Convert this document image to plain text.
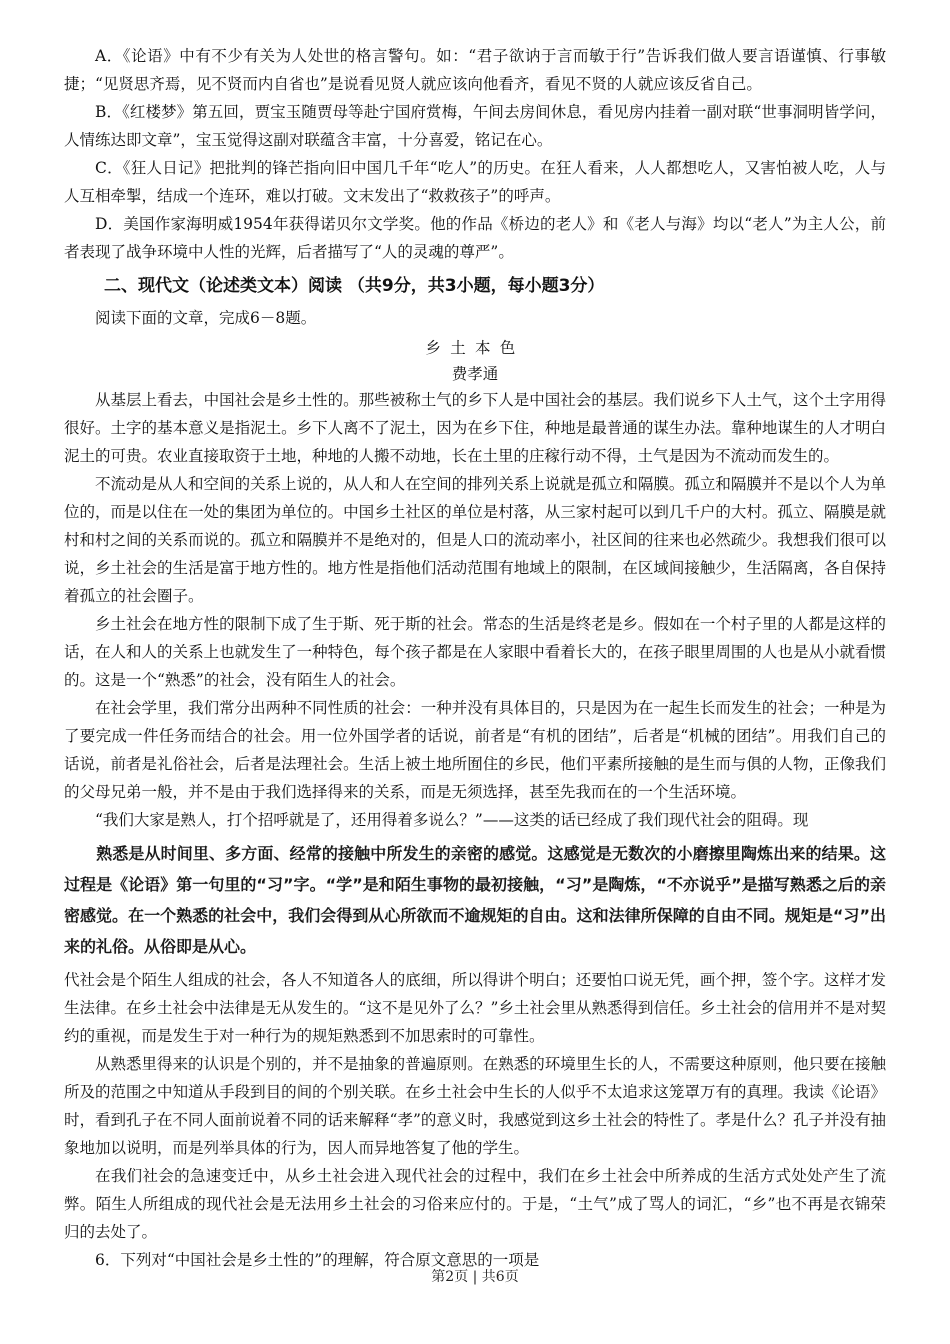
A．《论语》中有不少有关为人处世的格言警句。如：“君子欲讷于言而敏于行”告诉我们做人要言语谨慎、行事敏捷；“见贤思齐焉，见不贤而内自省也”是说看见贤人就应该向他看齐，看见不贤的人就应该反省自己。

B．《红楼梦》第五回，贾宝玉随贾母等赴宁国府赏梅，午间去房间休息，看见房内挂着一副对联“世事洞明皆学问，人情练达即文章”，宝玉觉得这副对联蕴含丰富，十分喜爱，铭记在心。

C．《狂人日记》把批判的锋芒指向旧中国几千年“吃人”的历史。在狂人看来，人人都想吃人，又害怕被人吃，人与人互相牵掣，结成一个连环，难以打破。文末发出了“救救孩子”的呼声。

D．美国作家海明威1954年获得诺贝尔文学奖。他的作品《桥边的老人》和《老人与海》均以“老人”为主人公，前者表现了战争环境中人性的光辉，后者描写了“人的灵魂的尊严”。

二、现代文（论述类文本）阅读 （共9分，共3小题，每小题3分）

阅读下面的文章，完成6－8题。

乡土本色
费孝通

从基层上看去，中国社会是乡土性的。那些被称土气的乡下人是中国社会的基层。我们说乡下人土气，这个土字用得很好。土字的基本意义是指泥土。乡下人离不了泥土，因为在乡下住，种地是最普通的谋生办法。靠种地谋生的人才明白泥土的可贵。农业直接取资于土地，种地的人搬不动地，长在土里的庄稼行动不得，土气是因为不流动而发生的。

不流动是从人和空间的关系上说的，从人和人在空间的排列关系上说就是孤立和隔膜。孤立和隔膜并不是以个人为单位的，而是以住在一处的集团为单位的。中国乡土社区的单位是村落，从三家村起可以到几千户的大村。孤立、隔膜是就村和村之间的关系而说的。孤立和隔膜并不是绝对的，但是人口的流动率小，社区间的往来也必然疏少。我想我们很可以说，乡土社会的生活是富于地方性的。地方性是指他们活动范围有地域上的限制，在区域间接触少，生活隔离，各自保持着孤立的社会圈子。

乡土社会在地方性的限制下成了生于斯、死于斯的社会。常态的生活是终老是乡。假如在一个村子里的人都是这样的话，在人和人的关系上也就发生了一种特色，每个孩子都是在人家眼中看着长大的，在孩子眼里周围的人也是从小就看惯的。这是一个“熟悉”的社会，没有陌生人的社会。

在社会学里，我们常分出两种不同性质的社会：一种并没有具体目的，只是因为在一起生长而发生的社会；一种是为了要完成一件任务而结合的社会。用一位外国学者的话说，前者是“有机的团结”，后者是“机械的团结”。用我们自己的话说，前者是礼俗社会，后者是法理社会。生活上被土地所囿住的乡民，他们平素所接触的是生而与俱的人物，正像我们的父母兄弟一般，并不是由于我们选择得来的关系，而是无须选择，甚至先我而在的一个生活环境。

“我们大家是熟人，打个招呼就是了，还用得着多说么？”——这类的话已经成了我们现代社会的阻碍。现

熟悉是从时间里、多方面、经常的接触中所发生的亲密的感觉。这感觉是无数次的小磨擦里陶炼出来的结果。这过程是《论语》第一句里的“习”字。“学”是和陌生事物的最初接触，“习”是陶炼，“不亦说乎”是描写熟悉之后的亲密感觉。在一个熟悉的社会中，我们会得到从心所欲而不逾规矩的自由。这和法律所保障的自由不同。规矩是“习”出来的礼俗。从俗即是从心。

代社会是个陌生人组成的社会，各人不知道各人的底细，所以得讲个明白；还要怕口说无凭，画个押，签个字。这样才发生法律。在乡土社会中法律是无从发生的。“这不是见外了么？”乡土社会里从熟悉得到信任。乡土社会的信用并不是对契约的重视，而是发生于对一种行为的规矩熟悉到不加思索时的可靠性。

从熟悉里得来的认识是个别的，并不是抽象的普遍原则。在熟悉的环境里生长的人，不需要这种原则，他只要在接触所及的范围之中知道从手段到目的间的个别关联。在乡土社会中生长的人似乎不太追求这笼罩万有的真理。我读《论语》时，看到孔子在不同人面前说着不同的话来解释“孝”的意义时，我感觉到这乡土社会的特性了。孝是什么？孔子并没有抽象地加以说明，而是列举具体的行为，因人而异地答复了他的学生。

在我们社会的急速变迁中，从乡土社会进入现代社会的过程中，我们在乡土社会中所养成的生活方式处处产生了流弊。陌生人所组成的现代社会是无法用乡土社会的习俗来应付的。于是，“土气”成了骂人的词汇，“乡”也不再是衣锦荣归的去处了。

6．下列对“中国社会是乡土性的”的理解，符合原文意思的一项是

第2页 | 共6页
